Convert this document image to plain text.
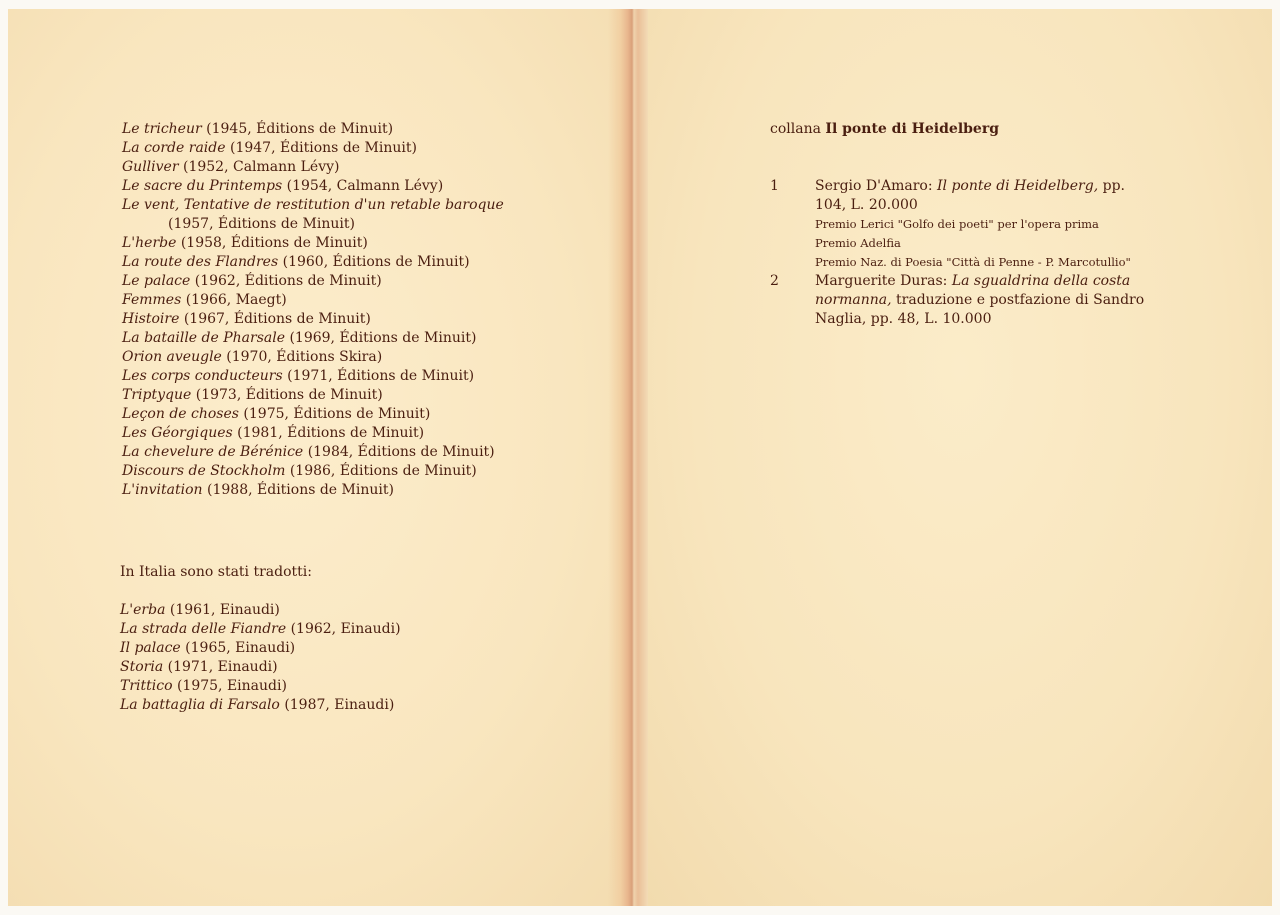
Le tricheur (1945, Éditions de Minuit)
La corde raide (1947, Éditions de Minuit)
Gulliver (1952, Calmann Lévy)
Le sacre du Printemps (1954, Calmann Lévy)
Le vent, Tentative de restitution d'un retable baroque
(1957, Éditions de Minuit)
L'herbe (1958, Éditions de Minuit)
La route des Flandres (1960, Éditions de Minuit)
Le palace (1962, Éditions de Minuit)
Femmes (1966, Maegt)
Histoire (1967, Éditions de Minuit)
La bataille de Pharsale (1969, Éditions de Minuit)
Orion aveugle (1970, Éditions Skira)
Les corps conducteurs (1971, Éditions de Minuit)
Triptyque (1973, Éditions de Minuit)
Leçon de choses (1975, Éditions de Minuit)
Les Géorgiques (1981, Éditions de Minuit)
La chevelure de Bérénice (1984, Éditions de Minuit)
Discours de Stockholm (1986, Éditions de Minuit)
L'invitation (1988, Éditions de Minuit)
In Italia sono stati tradotti:
L'erba (1961, Einaudi)
La strada delle Fiandre (1962, Einaudi)
Il palace (1965, Einaudi)
Storia (1971, Einaudi)
Trittico (1975, Einaudi)
La battaglia di Farsalo (1987, Einaudi)
collana Il ponte di Heidelberg
1	Sergio D'Amaro: Il ponte di Heidelberg, pp. 104, L. 20.000
Premio Lerici "Golfo dei poeti" per l'opera prima
Premio Adelfia
Premio Naz. di Poesia "Città di Penne - P. Marcotullio"
2	Marguerite Duras: La sgualdrina della costa normanna, traduzione e postfazione di Sandro Naglia, pp. 48, L. 10.000
